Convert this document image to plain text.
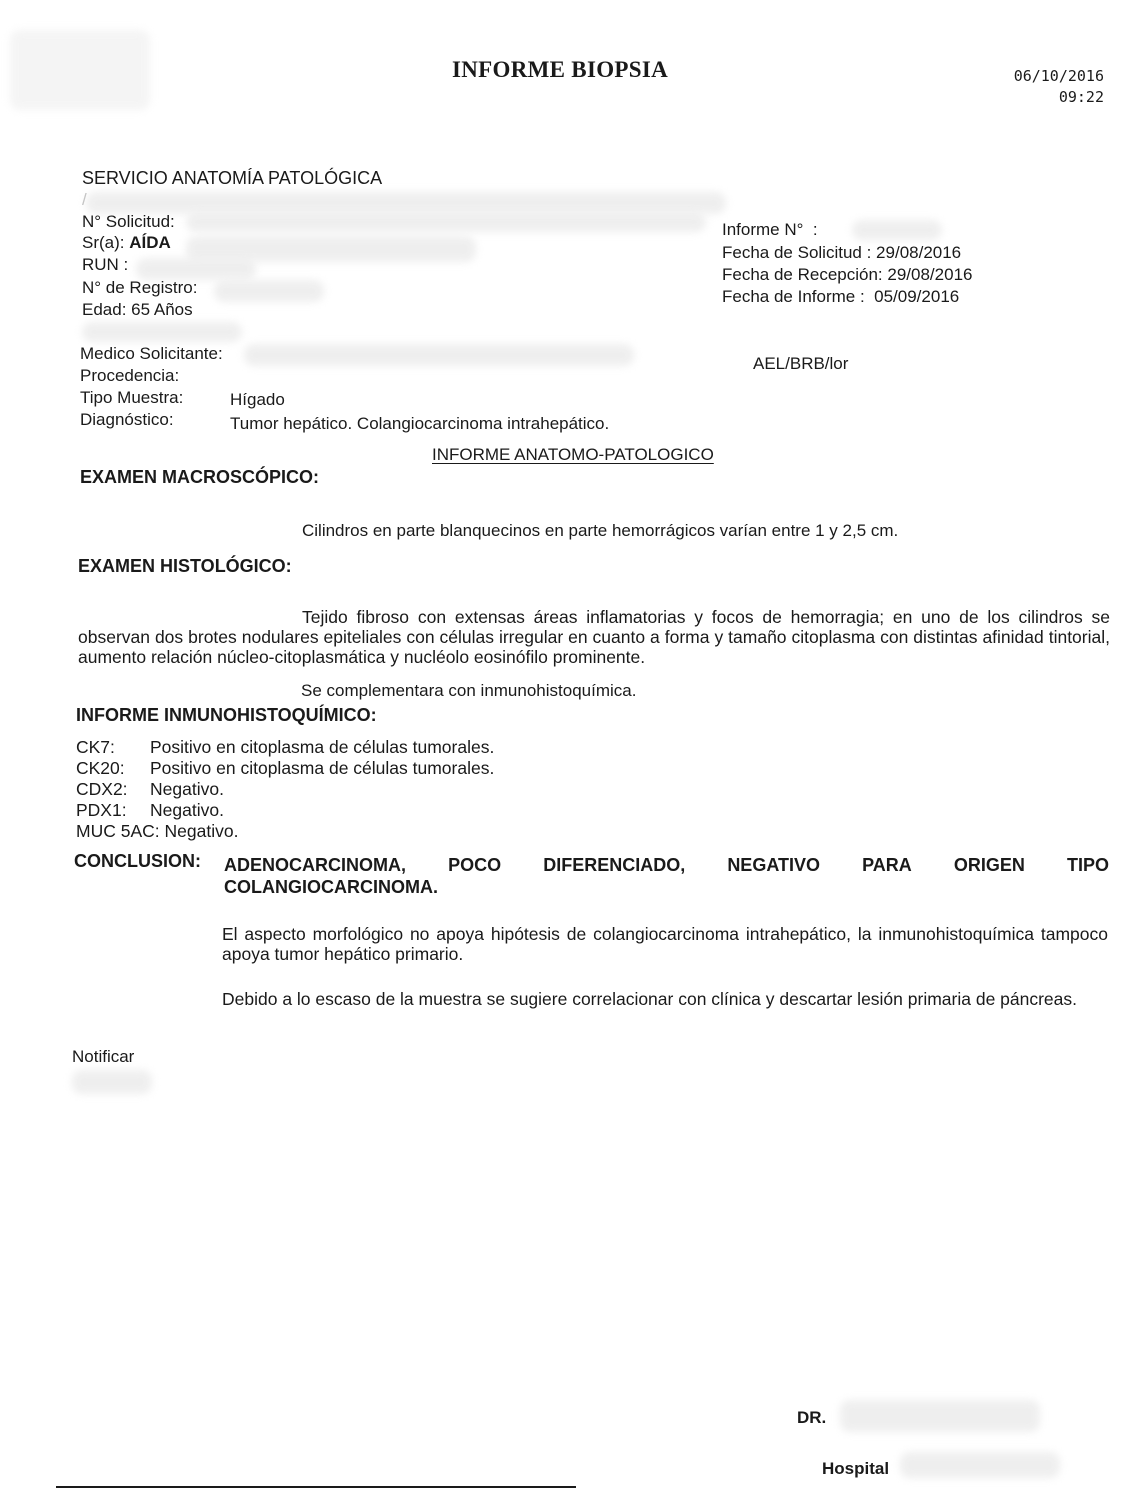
INFORME BIOPSIA	06/10/2016
09:22
SERVICIO ANATOMÍA PATOLÓGICA
/
N° Solicitud:
Sr(a): AÍDA
RUN :
N° de Registro:
Edad: 65 Años
Medico Solicitante:
Procedencia:
Tipo Muestra:	Hígado
Diagnóstico:	Tumor hepático. Colangiocarcinoma intrahepático.
Informe N° :
Fecha de Solicitud : 29/08/2016
Fecha de Recepción: 29/08/2016
Fecha de Informe : 05/09/2016
AEL/BRB/lor
INFORME ANATOMO-PATOLOGICO
EXAMEN MACROSCÓPICO:
Cilindros en parte blanquecinos en parte hemorrágicos varían entre 1 y 2,5 cm.
EXAMEN HISTOLÓGICO:
Tejido fibroso con extensas áreas inflamatorias y focos de hemorragia; en uno de los cilindros se observan dos brotes nodulares epiteliales con células irregular en cuanto a forma y tamaño citoplasma con distintas afinidad tintorial, aumento relación núcleo-citoplasmática y nucléolo eosinófilo prominente.
Se complementara con inmunohistoquímica.
INFORME INMUNOHISTOQUÍMICO:
CK7: Positivo en citoplasma de células tumorales.
CK20: Positivo en citoplasma de células tumorales.
CDX2: Negativo.
PDX1: Negativo.
MUC 5AC: Negativo.
CONCLUSION: ADENOCARCINOMA, POCO DIFERENCIADO, NEGATIVO PARA ORIGEN TIPO
COLANGIOCARCINOMA.
El aspecto morfológico no apoya hipótesis de colangiocarcinoma intrahepático, la inmunohistoquímica tampoco apoya tumor hepático primario.
Debido a lo escaso de la muestra se sugiere correlacionar con clínica y descartar lesión primaria de páncreas.
Notificar
DR.
Hospital
